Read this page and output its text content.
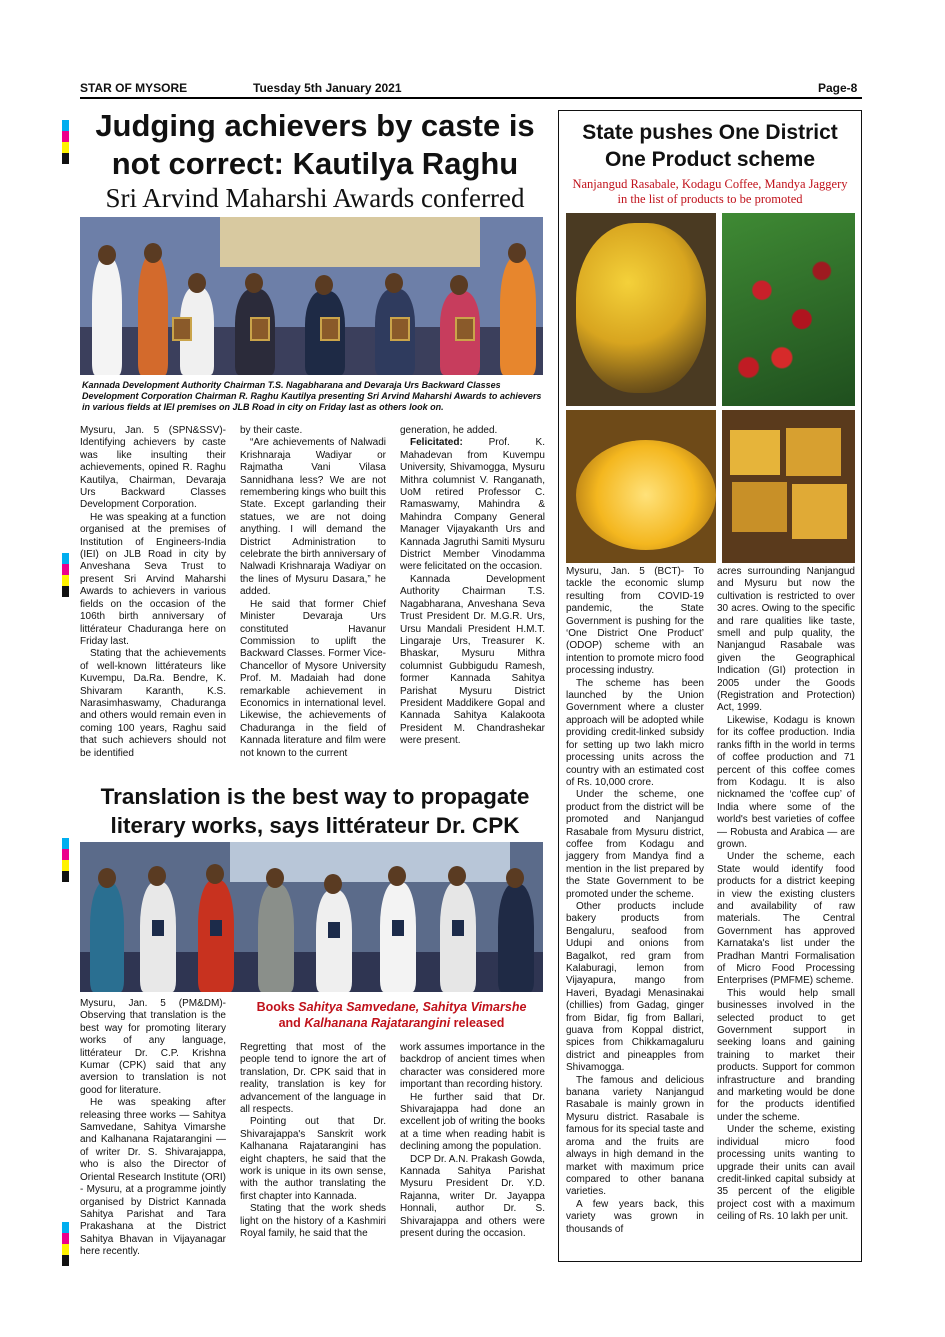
STAR OF MYSORE	Tuesday 5th January 2021	Page-8
Judging achievers by caste is
not correct: Kautilya Raghu
Sri Arvind Maharshi Awards conferred
Kannada Development Authority Chairman T.S. Nagabharana and Devaraja Urs Backward Classes Development Corporation Chairman R. Raghu Kautilya presenting Sri Arvind Maharshi Awards to achievers in various fields at IEI premises on JLB Road in city on Friday last as others look on.

Mysuru, Jan. 5 (SPN&SSV)- Identifying achievers by caste was like insulting their achievements, opined R. Raghu Kautilya, Chairman, Devaraja Urs Backward Classes Development Corporation.

He was speaking at a function organised at the premises of Institution of Engineers-India (IEI) on JLB Road in city by Anveshana Seva Trust to present Sri Arvind Maharshi Awards to achievers in various fields on the occasion of the 106th birth anniversary of littérateur Chaduranga here on Friday last.

Stating that the achievements of well-known littérateurs like Kuvempu, Da.Ra. Bendre, K. Shivaram Karanth, K.S. Narasimhaswamy, Chaduranga and others would remain even in coming 100 years, Raghu said that such achievers should not be identified

by their caste.

“Are achievements of Nalwadi Krishnaraja Wadiyar or Rajmatha Vani Vilasa Sannidhana less? We are not remembering kings who built this State. Except garlanding their statues, we are not doing anything. I will demand the District Administration to celebrate the birth anniversary of Nalwadi Krishnaraja Wadiyar on the lines of Mysuru Dasara,” he added.

He said that former Chief Minister Devaraja Urs constituted Havanur Commission to uplift the Backward Classes. Former Vice-Chancellor of Mysore University Prof. M. Madaiah had done remarkable achievement in Economics in international level. Likewise, the achievements of Chaduranga in the field of Kannada literature and film were not known to the current

generation, he added.

Felicitated: Prof. K. Mahadevan from Kuvempu University, Shivamogga, Mysuru Mithra columnist V. Ranganath, UoM retired Professor C. Ramaswamy, Mahindra & Mahindra Company General Manager Vijayakanth Urs and Kannada Jagruthi Samiti Mysuru District Member Vinodamma were felicitated on the occasion.

Kannada Development Authority Chairman T.S. Nagabharana, Anveshana Seva Trust President Dr. M.G.R. Urs, Ursu Mandali President H.M.T. Lingaraje Urs, Treasurer K. Bhaskar, Mysuru Mithra columnist Gubbigudu Ramesh, former Kannada Sahitya Parishat Mysuru District President Maddikere Gopal and Kannada Sahitya Kalakoota President M. Chandrashekar were present.

Translation is the best way to propagate
literary works, says littérateur Dr. CPK
Books Sahitya Samvedane, Sahitya Vimarshe
and Kalhanana Rajatarangini released

Mysuru, Jan. 5 (PM&DM)- Observing that translation is the best way for promoting literary works of any language, littérateur Dr. C.P. Krishna Kumar (CPK) said that any aversion to translation is not good for literature.

He was speaking after releasing three works — Sahitya Samvedane, Sahitya Vimarshe and Kalhanana Rajatarangini — of writer Dr. S. Shivarajappa, who is also the Director of Oriental Research Institute (ORI) - Mysuru, at a programme jointly organised by District Kannada Sahitya Parishat and Tara Prakashana at the District Sahitya Bhavan in Vijayanagar here recently.

Regretting that most of the people tend to ignore the art of translation, Dr. CPK said that in reality, translation is key for advancement of the language in all respects.

Pointing out that Dr. Shivarajappa's Sanskrit work Kalhanana Rajatarangini has eight chapters, he said that the work is unique in its own sense, with the author translating the first chapter into Kannada.

Stating that the work sheds light on the history of a Kashmiri Royal family, he said that the

work assumes importance in the backdrop of ancient times when character was considered more important than recording history.

He further said that Dr. Shivarajappa had done an excellent job of writing the books at a time when reading habit is declining among the population.

DCP Dr. A.N. Prakash Gowda, Kannada Sahitya Parishat Mysuru President Dr. Y.D. Rajanna, writer Dr. Jayappa Honnali, author Dr. S. Shivarajappa and others were present during the occasion.

State pushes One District
One Product scheme
Nanjangud Rasabale, Kodagu Coffee, Mandya Jaggery
in the list of products to be promoted

Mysuru, Jan. 5 (BCT)- To tackle the economic slump resulting from COVID-19 pandemic, the State Government is pushing for the ‘One District One Product’ (ODOP) scheme with an intention to promote micro food processing industry.

The scheme has been launched by the Union Government where a cluster approach will be adopted while providing credit-linked subsidy for setting up two lakh micro processing units across the country with an estimated cost of Rs. 10,000 crore.

Under the scheme, one product from the district will be promoted and Nanjangud Rasabale from Mysuru district, coffee from Kodagu and jaggery from Mandya find a mention in the list prepared by the State Government to be promoted under the scheme.

Other products include bakery products from Bengaluru, seafood from Udupi and onions from Bagalkot, red gram from Kalaburagi, lemon from Vijayapura, mango from Haveri, Byadagi Menasinakai (chillies) from Gadag, ginger from Bidar, fig from Ballari, guava from Koppal district, spices from Chikkamagaluru district and pineapples from Shivamogga.

The famous and delicious banana variety Nanjangud Rasabale is mainly grown in Mysuru district. Rasabale is famous for its special taste and aroma and the fruits are always in high demand in the market with maximum price compared to other banana varieties.

A few years back, this variety was grown in thousands of

acres surrounding Nanjangud and Mysuru but now the cultivation is restricted to over 30 acres. Owing to the specific and rare qualities like taste, smell and pulp quality, the Nanjangud Rasabale was given the Geographical Indication (GI) protection in 2005 under the Goods (Registration and Protection) Act, 1999.

Likewise, Kodagu is known for its coffee production. India ranks fifth in the world in terms of coffee production and 71 percent of this coffee comes from Kodagu. It is also nicknamed the ‘coffee cup’ of India where some of the world's best varieties of coffee — Robusta and Arabica — are grown.

Under the scheme, each State would identify food products for a district keeping in view the existing clusters and availability of raw materials. The Central Government has approved Karnataka's list under the Pradhan Mantri Formalisation of Micro Food Processing Enterprises (PMFME) scheme.

This would help small businesses involved in the selected product to get Government support in seeking loans and gaining training to market their products. Support for common infrastructure and branding and marketing would be done for the products identified under the scheme.

Under the scheme, existing individual micro food processing units wanting to upgrade their units can avail credit-linked capital subsidy at 35 percent of the eligible project cost with a maximum ceiling of Rs. 10 lakh per unit.
